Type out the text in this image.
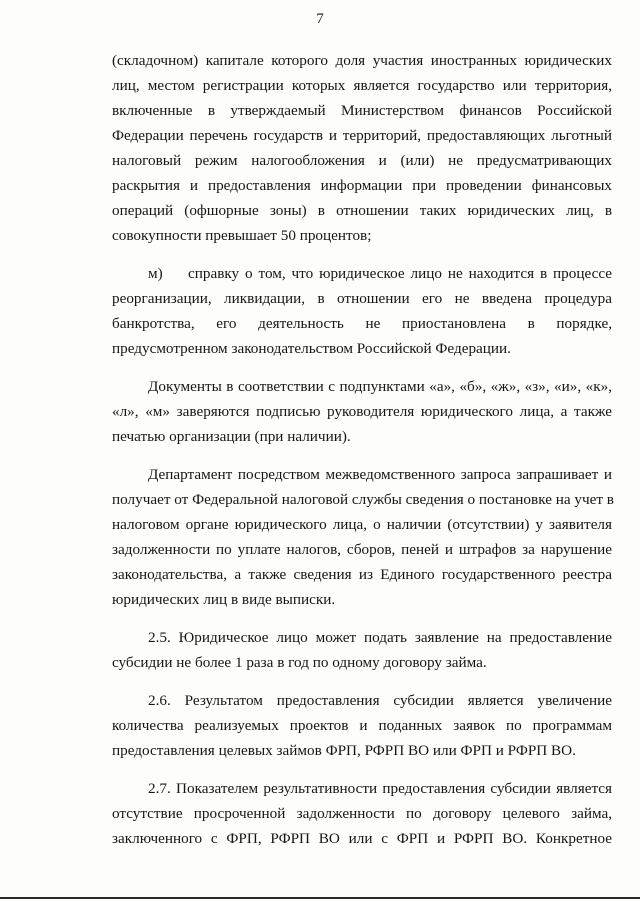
7
(складочном) капитале которого доля участия иностранных юридических
лиц, местом регистрации которых является государство или территория,
включенные в утверждаемый Министерством финансов Российской
Федерации перечень государств и территорий, предоставляющих льготный
налоговый режим налогообложения и (или) не предусматривающих
раскрытия и предоставления информации при проведении финансовых
операций (офшорные зоны) в отношении таких юридических лиц, в
совокупности превышает 50 процентов;
м) справку о том, что юридическое лицо не находится в процессе
реорганизации, ликвидации, в отношении его не введена процедура
банкротства, его деятельность не приостановлена в порядке,
предусмотренном законодательством Российской Федерации.
Документы в соответствии с подпунктами «а», «б», «ж», «з», «и», «к»,
«л», «м» заверяются подписью руководителя юридического лица, а также
печатью организации (при наличии).
Департамент посредством межведомственного запроса запрашивает и
получает от Федеральной налоговой службы сведения о постановке на учет в
налоговом органе юридического лица, о наличии (отсутствии) у заявителя
задолженности по уплате налогов, сборов, пеней и штрафов за нарушение
законодательства, а также сведения из Единого государственного реестра
юридических лиц в виде выписки.
2.5. Юридическое лицо может подать заявление на предоставление
субсидии не более 1 раза в год по одному договору займа.
2.6. Результатом предоставления субсидии является увеличение
количества реализуемых проектов и поданных заявок по программам
предоставления целевых займов ФРП, РФРП ВО или ФРП и РФРП ВО.
2.7. Показателем результативности предоставления субсидии является
отсутствие просроченной задолженности по договору целевого займа,
заключенного с ФРП, РФРП ВО или с ФРП и РФРП ВО. Конкретное
